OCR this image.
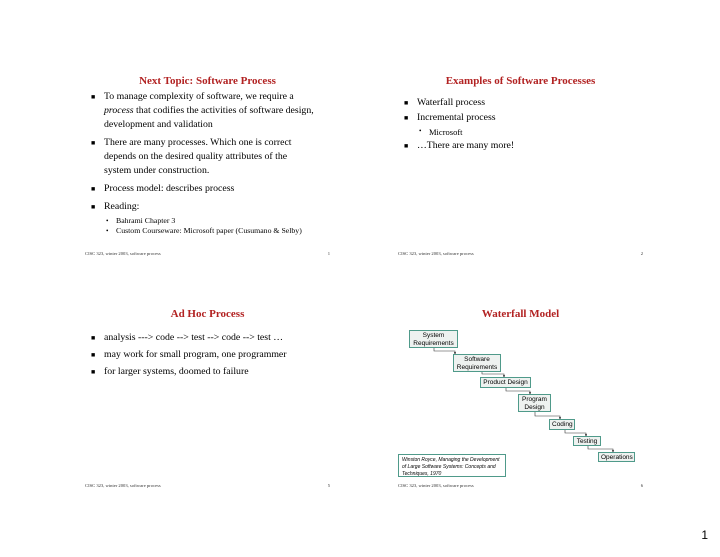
Next Topic: Software Process
■ To manage complexity of software, we require a process that codifies the activities of software design, development and validation
■ There are many processes. Which one is correct depends on the desired quality attributes of the system under construction.
■ Process model: describes process
■ Reading:
• Bahrami Chapter 3
• Custom Courseware: Microsoft paper (Cusumano & Selby)
CISC 323, winter 2003, software process	1
Examples of Software Processes
■ Waterfall process
■ Incremental process
• Microsoft
■ …There are many more!
CISC 323, winter 2003, software process	2
Ad Hoc Process
■ analysis ---> code --> test --> code --> test …
■ may work for small program, one programmer
■ for larger systems, doomed to failure
CISC 323, winter 2003, software process	5
Waterfall Model
System Requirements
Software Requirements
Product Design
Program Design
Coding
Testing
Operations
Winston Royce, Managing the Development of Large Software Systems: Concepts and Techniques, 1970
CISC 323, winter 2003, software process	6
1
